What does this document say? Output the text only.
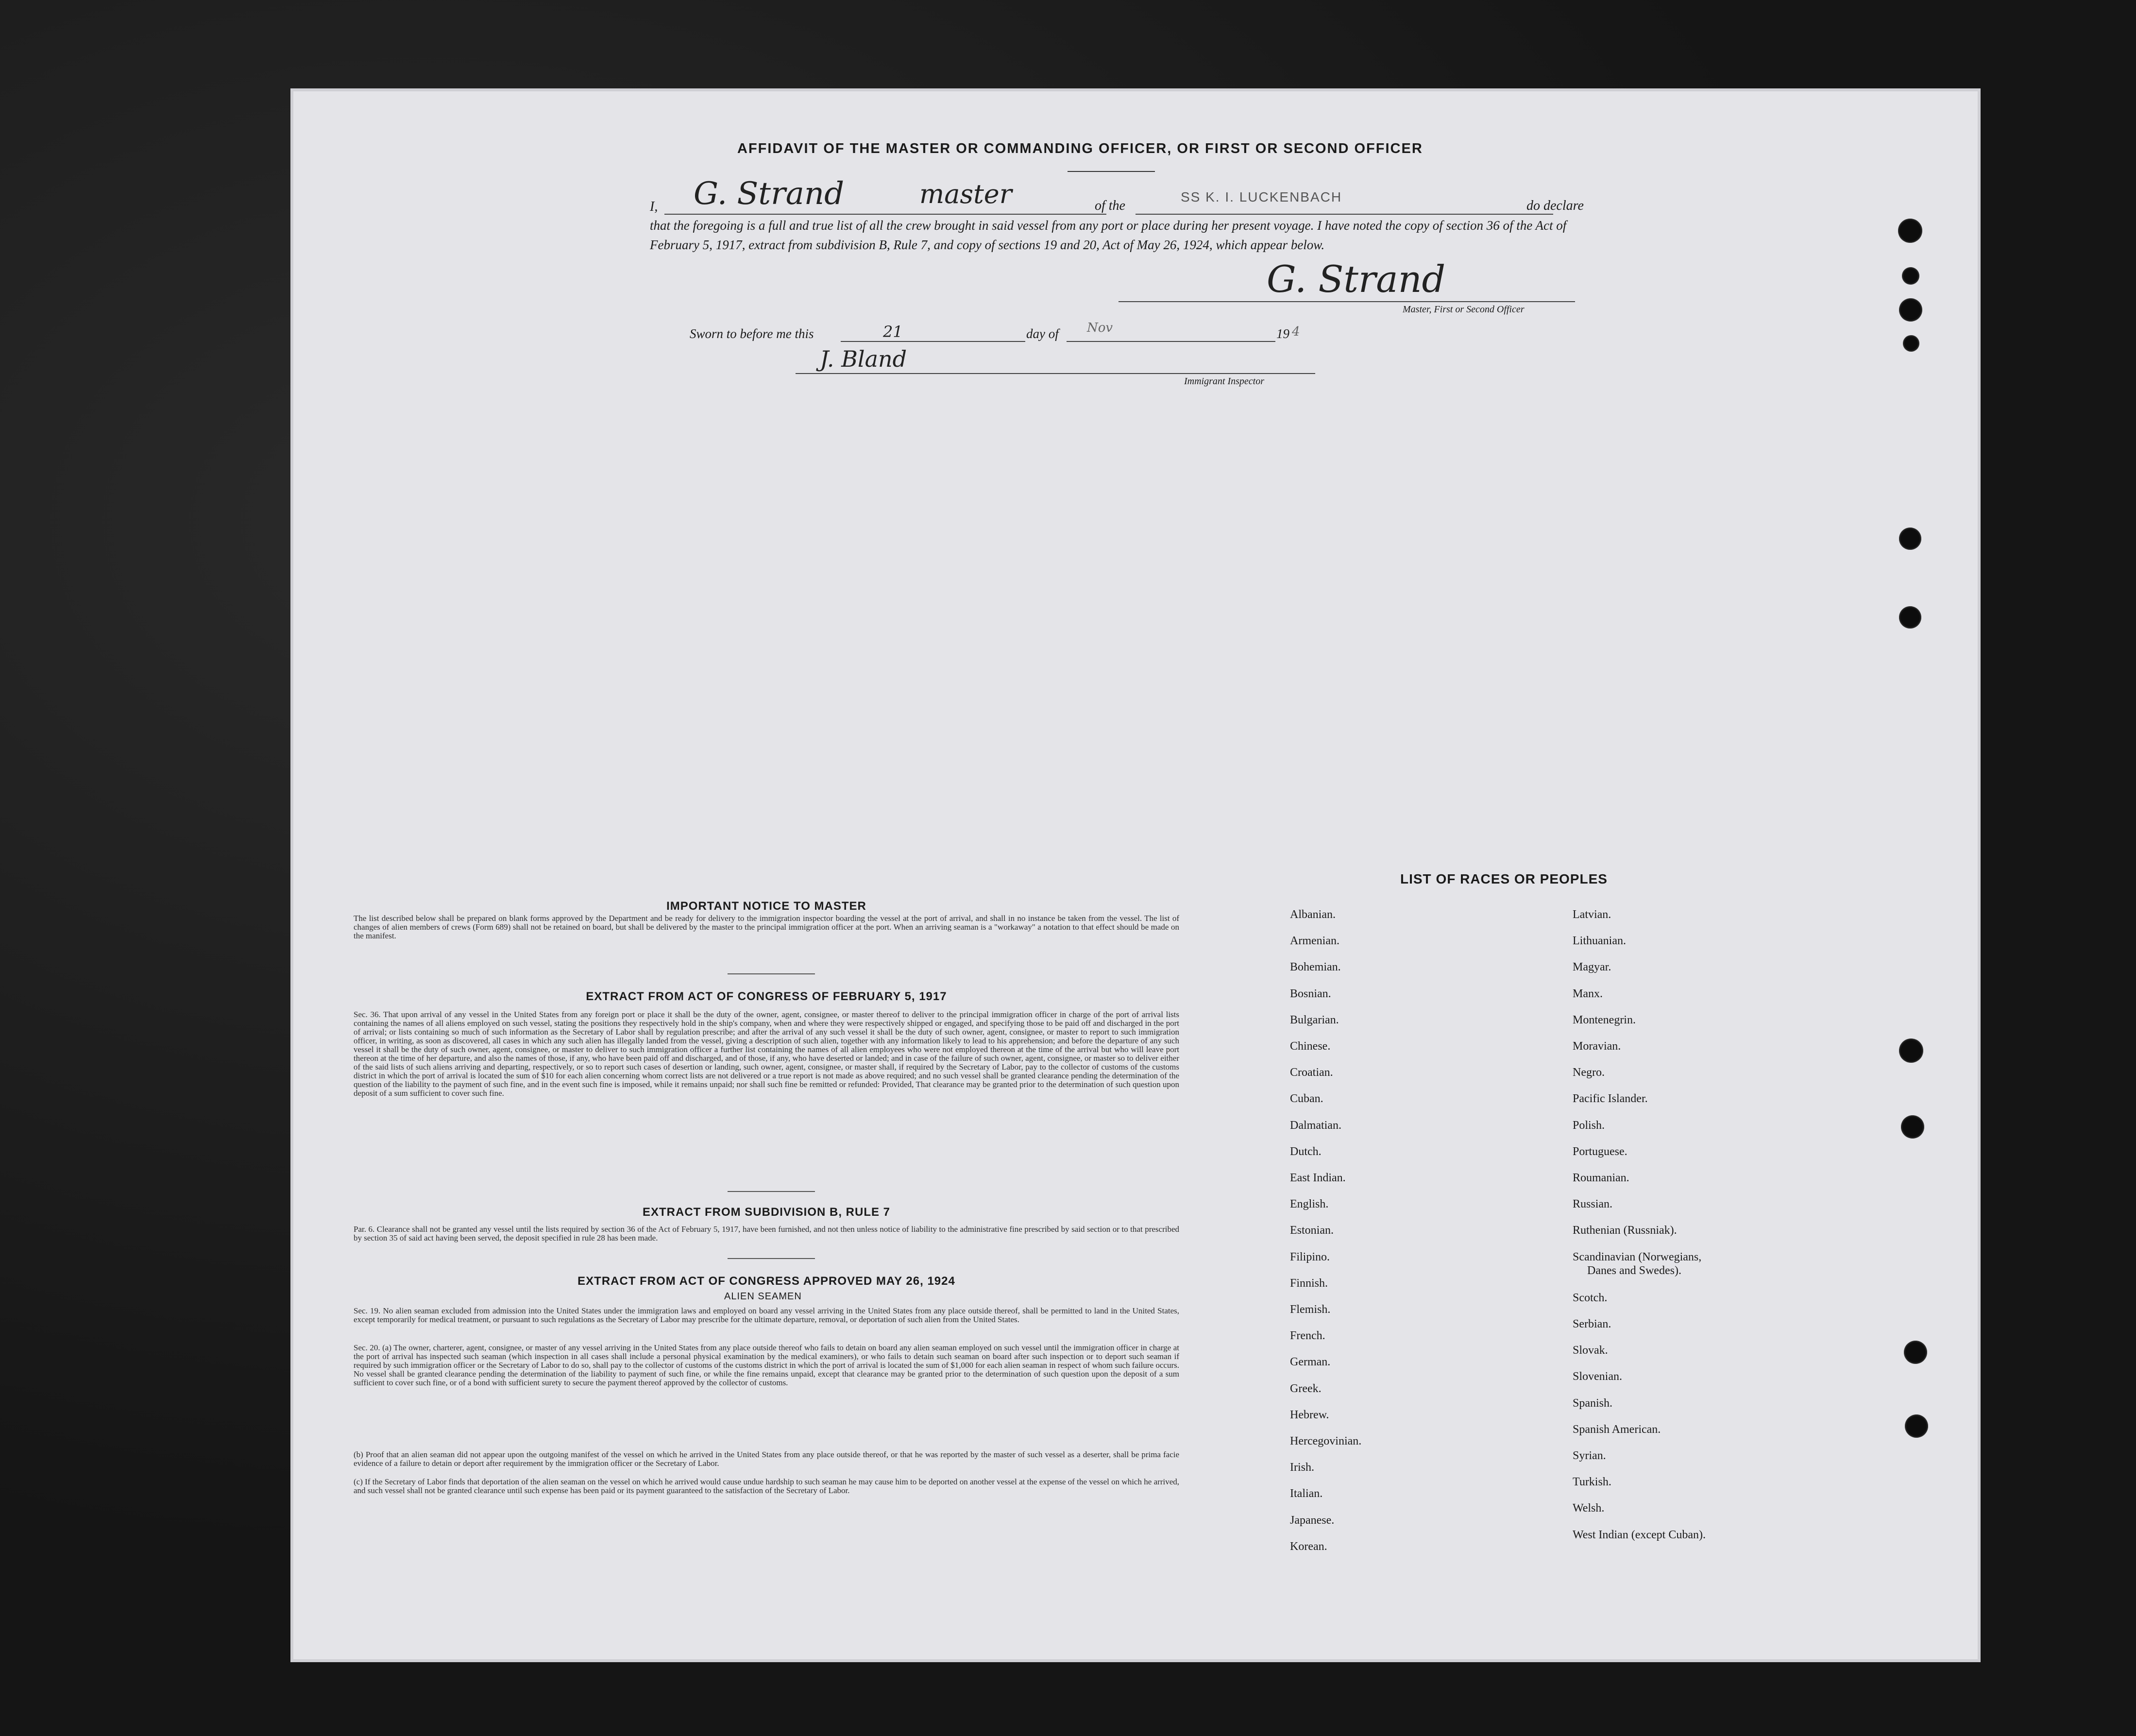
AFFIDAVIT OF THE MASTER OR COMMANDING OFFICER, OR FIRST OR SECOND OFFICER
I, G. Strand	master	of the
SS K. I. LUCKENBACH
do declare
that the foregoing is a full and true list of all the crew brought in said vessel from any port or place during her present voyage. I have noted the copy of section 36 of the Act of February 5, 1917, extract from subdivision B, Rule 7, and copy of sections 19 and 20, Act of May 26, 1924, which appear below.
G. Strand
Master, First or Second Officer
Sworn to before me this	21	day of Nov	19 4
J. Bland
Immigrant Inspector
IMPORTANT NOTICE TO MASTER
The list described below shall be prepared on blank forms approved by the Department and be ready for delivery to the immigration inspector boarding the vessel at the port of arrival, and shall in no instance be taken from the vessel. The list of changes of alien members of crews (Form 689) shall not be retained on board, but shall be delivered by the master to the principal immigration officer at the port. When an arriving seaman is a "workaway" a notation to that effect should be made on the manifest.
EXTRACT FROM ACT OF CONGRESS OF FEBRUARY 5, 1917
Sec. 36. That upon arrival of any vessel in the United States from any foreign port or place it shall be the duty of the owner, agent, consignee, or master thereof to deliver to the principal immigration officer in charge of the port of arrival lists containing the names of all aliens employed on such vessel, stating the positions they respectively hold in the ship's company, when and where they were respectively shipped or engaged, and specifying those to be paid off and discharged in the port of arrival; or lists containing so much of such information as the Secretary of Labor shall by regulation prescribe; and after the arrival of any such vessel it shall be the duty of such owner, agent, consignee, or master to report to such immigration officer, in writing, as soon as discovered, all cases in which any such alien has illegally landed from the vessel, giving a description of such alien, together with any information likely to lead to his apprehension; and before the departure of any such vessel it shall be the duty of such owner, agent, consignee, or master to deliver to such immigration officer a further list containing the names of all alien employees who were not employed thereon at the time of the arrival but who will leave port thereon at the time of her departure, and also the names of those, if any, who have been paid off and discharged, and of those, if any, who have deserted or landed; and in case of the failure of such owner, agent, consignee, or master so to deliver either of the said lists of such aliens arriving and departing, respectively, or so to report such cases of desertion or landing, such owner, agent, consignee, or master shall, if required by the Secretary of Labor, pay to the collector of customs of the customs district in which the port of arrival is located the sum of $10 for each alien concerning whom correct lists are not delivered or a true report is not made as above required; and no such vessel shall be granted clearance pending the determination of the question of the liability to the payment of such fine, and in the event such fine is imposed, while it remains unpaid; nor shall such fine be remitted or refunded: Provided, That clearance may be granted prior to the determination of such question upon deposit of a sum sufficient to cover such fine.
EXTRACT FROM SUBDIVISION B, RULE 7
Par. 6. Clearance shall not be granted any vessel until the lists required by section 36 of the Act of February 5, 1917, have been furnished, and not then unless notice of liability to the administrative fine prescribed by said section or to that prescribed by section 35 of said act having been served, the deposit specified in rule 28 has been made.
EXTRACT FROM ACT OF CONGRESS APPROVED MAY 26, 1924
ALIEN SEAMEN
Sec. 19. No alien seaman excluded from admission into the United States under the immigration laws and employed on board any vessel arriving in the United States from any place outside thereof, shall be permitted to land in the United States, except temporarily for medical treatment, or pursuant to such regulations as the Secretary of Labor may prescribe for the ultimate departure, removal, or deportation of such alien from the United States.
Sec. 20. (a) The owner, charterer, agent, consignee, or master of any vessel arriving in the United States from any place outside thereof who fails to detain on board any alien seaman employed on such vessel until the immigration officer in charge at the port of arrival has inspected such seaman (which inspection in all cases shall include a personal physical examination by the medical examiners), or who fails to detain such seaman on board after such inspection or to deport such seaman if required by such immigration officer or the Secretary of Labor to do so, shall pay to the collector of customs of the customs district in which the port of arrival is located the sum of $1,000 for each alien seaman in respect of whom such failure occurs. No vessel shall be granted clearance pending the determination of the liability to payment of such fine, or while the fine remains unpaid, except that clearance may be granted prior to the determination of such question upon the deposit of a sum sufficient to cover such fine, or of a bond with sufficient surety to secure the payment thereof approved by the collector of customs.
(b) Proof that an alien seaman did not appear upon the outgoing manifest of the vessel on which he arrived in the United States from any place outside thereof, or that he was reported by the master of such vessel as a deserter, shall be prima facie evidence of a failure to detain or deport after requirement by the immigration officer or the Secretary of Labor.
(c) If the Secretary of Labor finds that deportation of the alien seaman on the vessel on which he arrived would cause undue hardship to such seaman he may cause him to be deported on another vessel at the expense of the vessel on which he arrived, and such vessel shall not be granted clearance until such expense has been paid or its payment guaranteed to the satisfaction of the Secretary of Labor.
LIST OF RACES OR PEOPLES
Albanian.
Armenian.
Bohemian.
Bosnian.
Bulgarian.
Chinese.
Croatian.
Cuban.
Dalmatian.
Dutch.
East Indian.
English.
Estonian.
Filipino.
Finnish.
Flemish.
French.
German.
Greek.
Hebrew.
Hercegovinian.
Irish.
Italian.
Japanese.
Korean.
Latvian.
Lithuanian.
Magyar.
Manx.
Montenegrin.
Moravian.
Negro.
Pacific Islander.
Polish.
Portuguese.
Roumanian.
Russian.
Ruthenian (Russniak).
Scandinavian (Norwegians,
Danes and Swedes).
Scotch.
Serbian.
Slovak.
Slovenian.
Spanish.
Spanish American.
Syrian.
Turkish.
Welsh.
West Indian (except Cuban).
